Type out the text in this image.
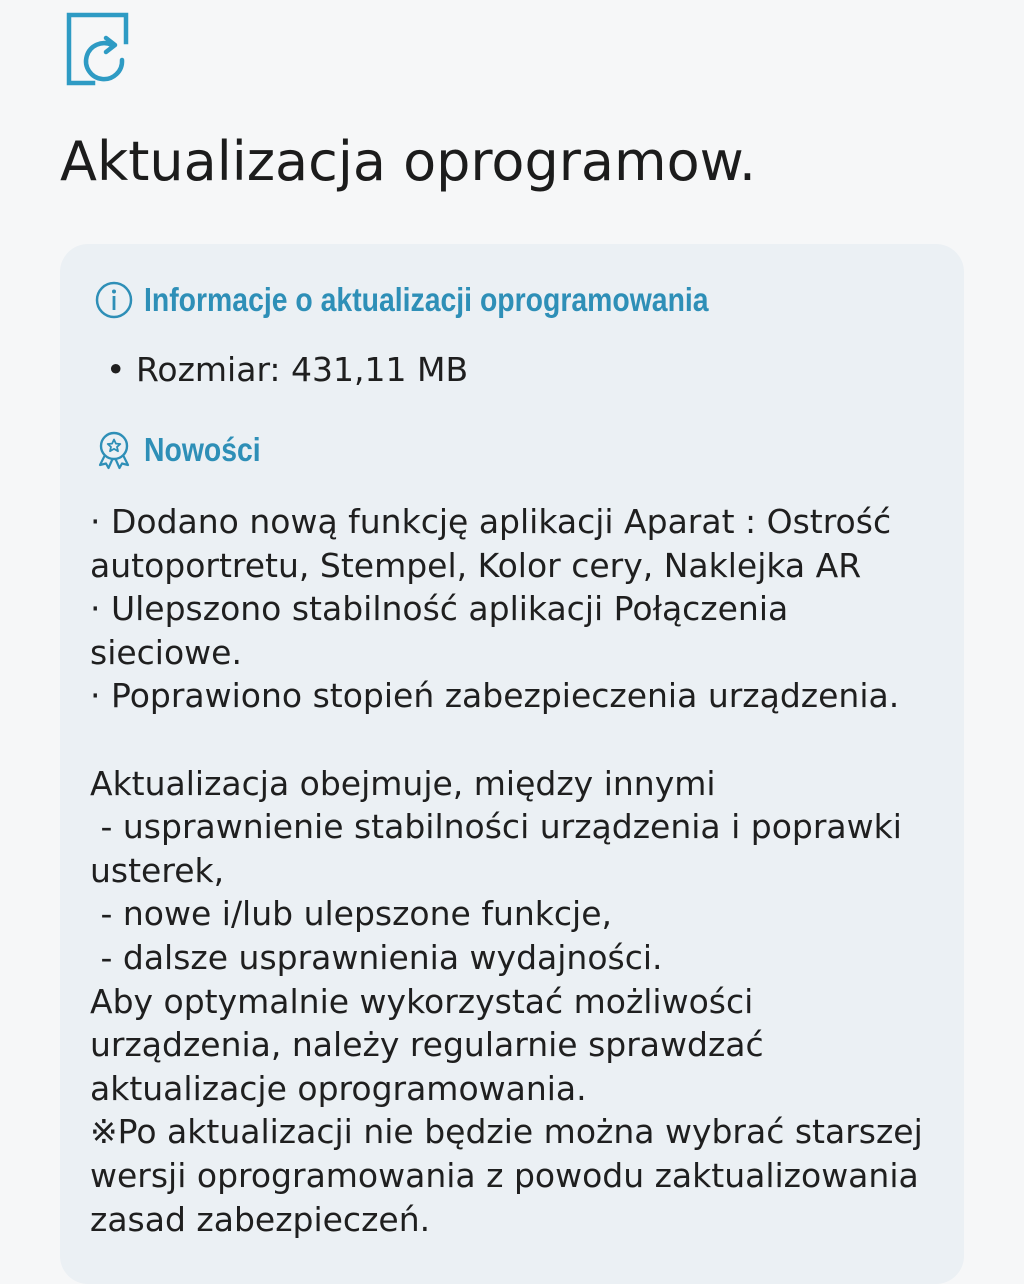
Aktualizacja oprogramow.
Informacje o aktualizacji oprogramowania
• Rozmiar: 431,11 MB
Nowości
· Dodano nową funkcję aplikacji Aparat : Ostrość
autoportretu, Stempel, Kolor cery, Naklejka AR
· Ulepszono stabilność aplikacji Połączenia
sieciowe.
· Poprawiono stopień zabezpieczenia urządzenia.
Aktualizacja obejmuje, między innymi
- usprawnienie stabilności urządzenia i poprawki
usterek,
- nowe i/lub ulepszone funkcje,
- dalsze usprawnienia wydajności.
Aby optymalnie wykorzystać możliwości
urządzenia, należy regularnie sprawdzać
aktualizacje oprogramowania.
※Po aktualizacji nie będzie można wybrać starszej
wersji oprogramowania z powodu zaktualizowania
zasad zabezpieczeń.
